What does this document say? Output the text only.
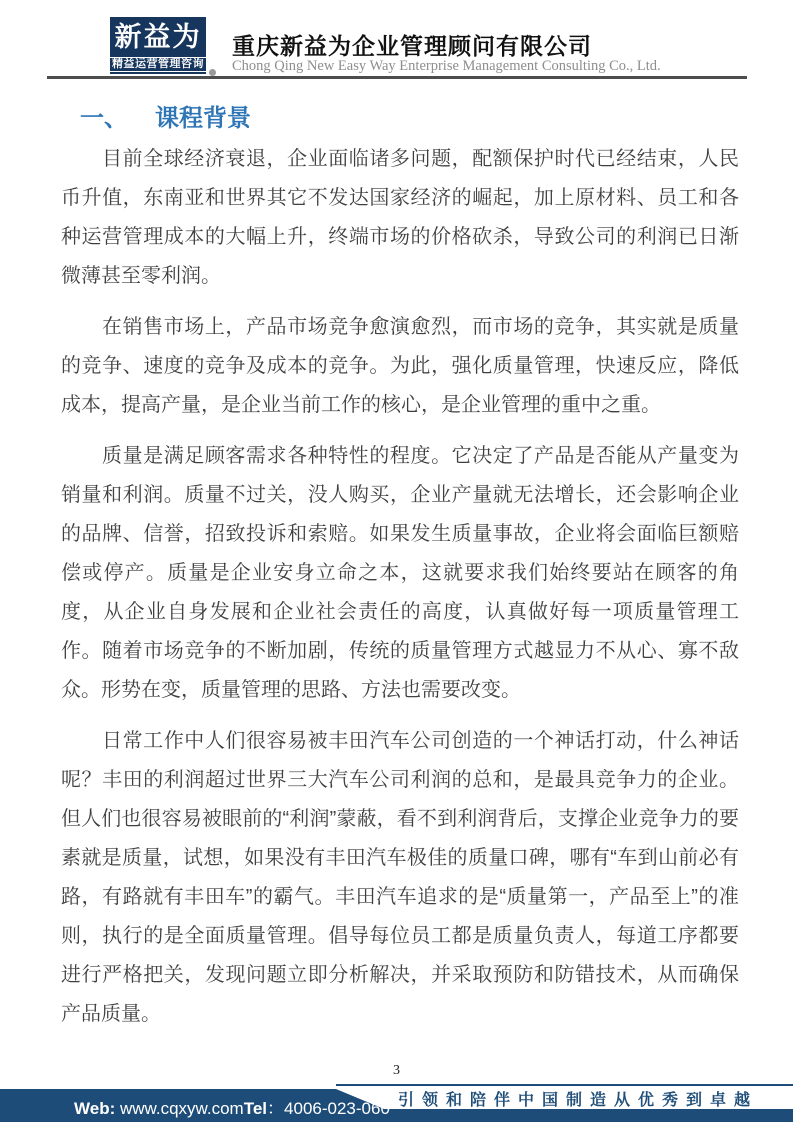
新益为
精益运营管理咨询
重庆新益为企业管理顾问有限公司
Chong Qing New Easy Way Enterprise Management Consulting Co., Ltd.
一、 课程背景

目前全球经济衰退，企业面临诸多问题，配额保护时代已经结束，人民币升值，东南亚和世界其它不发达国家经济的崛起，加上原材料、员工和各种运营管理成本的大幅上升，终端市场的价格砍杀，导致公司的利润已日渐微薄甚至零利润。

在销售市场上，产品市场竞争愈演愈烈，而市场的竞争，其实就是质量的竞争、速度的竞争及成本的竞争。为此，强化质量管理，快速反应，降低成本，提高产量，是企业当前工作的核心，是企业管理的重中之重。

质量是满足顾客需求各种特性的程度。它决定了产品是否能从产量变为销量和利润。质量不过关，没人购买，企业产量就无法增长，还会影响企业的品牌、信誉，招致投诉和索赔。如果发生质量事故，企业将会面临巨额赔偿或停产。质量是企业安身立命之本，这就要求我们始终要站在顾客的角度，从企业自身发展和企业社会责任的高度，认真做好每一项质量管理工作。随着市场竞争的不断加剧，传统的质量管理方式越显力不从心、寡不敌众。形势在变，质量管理的思路、方法也需要改变。

日常工作中人们很容易被丰田汽车公司创造的一个神话打动，什么神话呢？丰田的利润超过世界三大汽车公司利润的总和，是最具竞争力的企业。但人们也很容易被眼前的“利润”蒙蔽，看不到利润背后，支撑企业竞争力的要素就是质量，试想，如果没有丰田汽车极佳的质量口碑，哪有“车到山前必有路，有路就有丰田车”的霸气。丰田汽车追求的是“质量第一，产品至上”的准则，执行的是全面质量管理。倡导每位员工都是质量负责人，每道工序都要进行严格把关，发现问题立即分析解决，并采取预防和防错技术，从而确保产品质量。

3
Web: www.cqxyw.comTel：4006-023-060 引领和陪伴中国制造从优秀到卓越
